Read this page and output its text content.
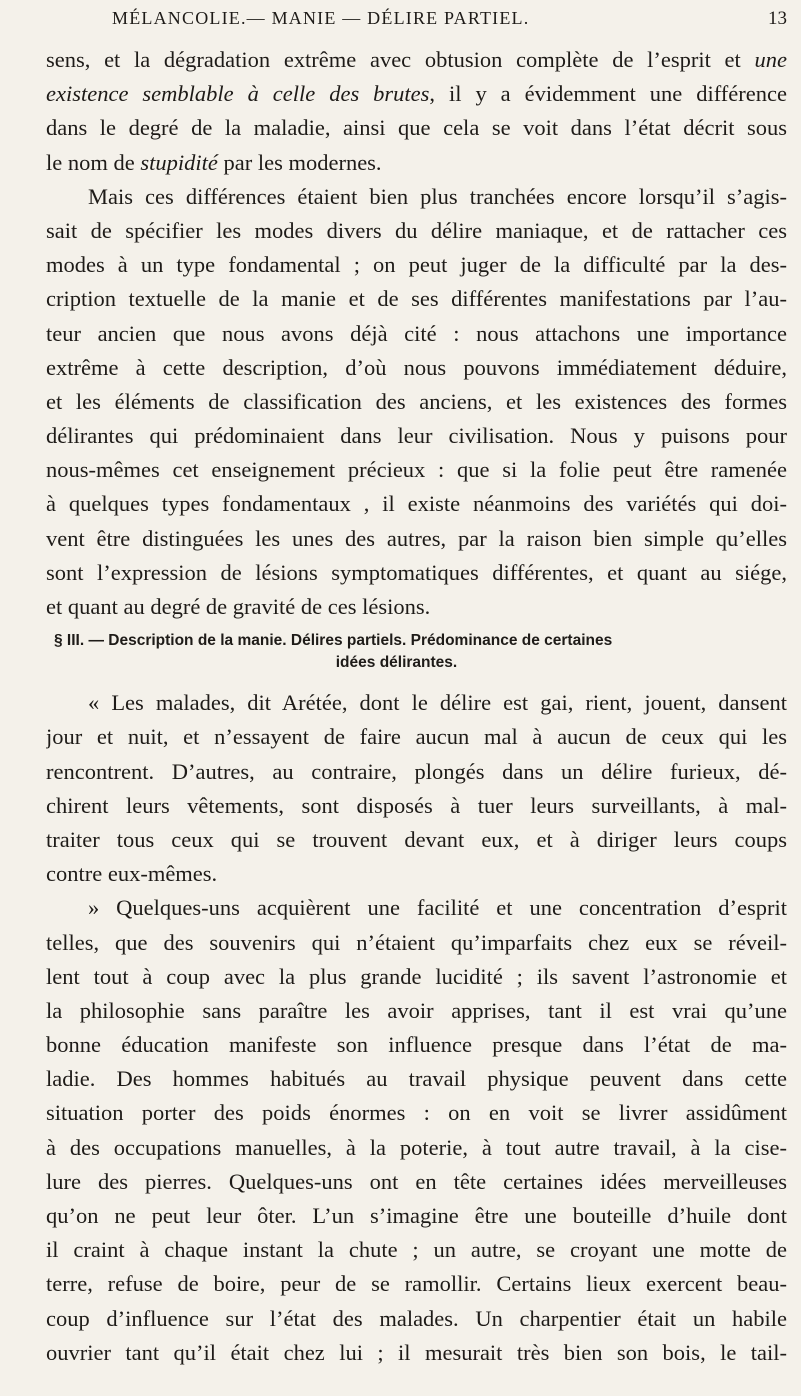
MÉLANCOLIE.— MANIE — DÉLIRE PARTIEL.	13
sens, et la dégradation extrême avec obtusion complète de l’esprit et une
existence semblable à celle des brutes, il y a évidemment une différence
dans le degré de la maladie, ainsi que cela se voit dans l’état décrit sous
le nom de stupidité par les modernes.
Mais ces différences étaient bien plus tranchées encore lorsqu’il s’agis-
sait de spécifier les modes divers du délire maniaque, et de rattacher ces
modes à un type fondamental ; on peut juger de la difficulté par la des-
cription textuelle de la manie et de ses différentes manifestations par l’au-
teur ancien que nous avons déjà cité : nous attachons une importance
extrême à cette description, d’où nous pouvons immédiatement déduire,
et les éléments de classification des anciens, et les existences des formes
délirantes qui prédominaient dans leur civilisation. Nous y puisons pour
nous-mêmes cet enseignement précieux : que si la folie peut être ramenée
à quelques types fondamentaux , il existe néanmoins des variétés qui doi-
vent être distinguées les unes des autres, par la raison bien simple qu’elles
sont l’expression de lésions symptomatiques différentes, et quant au siége,
et quant au degré de gravité de ces lésions.
§ III. — Description de la manie. Délires partiels. Prédominance de certaines
idées délirantes.
« Les malades, dit Arétée, dont le délire est gai, rient, jouent, dansent
jour et nuit, et n’essayent de faire aucun mal à aucun de ceux qui les
rencontrent. D’autres, au contraire, plongés dans un délire furieux, dé-
chirent leurs vêtements, sont disposés à tuer leurs surveillants, à mal-
traiter tous ceux qui se trouvent devant eux, et à diriger leurs coups
contre eux-mêmes.
» Quelques-uns acquièrent une facilité et une concentration d’esprit
telles, que des souvenirs qui n’étaient qu’imparfaits chez eux se réveil-
lent tout à coup avec la plus grande lucidité ; ils savent l’astronomie et
la philosophie sans paraître les avoir apprises, tant il est vrai qu’une
bonne éducation manifeste son influence presque dans l’état de ma-
ladie. Des hommes habitués au travail physique peuvent dans cette
situation porter des poids énormes : on en voit se livrer assidûment
à des occupations manuelles, à la poterie, à tout autre travail, à la cise-
lure des pierres. Quelques-uns ont en tête certaines idées merveilleuses
qu’on ne peut leur ôter. L’un s’imagine être une bouteille d’huile dont
il craint à chaque instant la chute ; un autre, se croyant une motte de
terre, refuse de boire, peur de se ramollir. Certains lieux exercent beau-
coup d’influence sur l’état des malades. Un charpentier était un habile
ouvrier tant qu’il était chez lui ; il mesurait très bien son bois, le tail-
